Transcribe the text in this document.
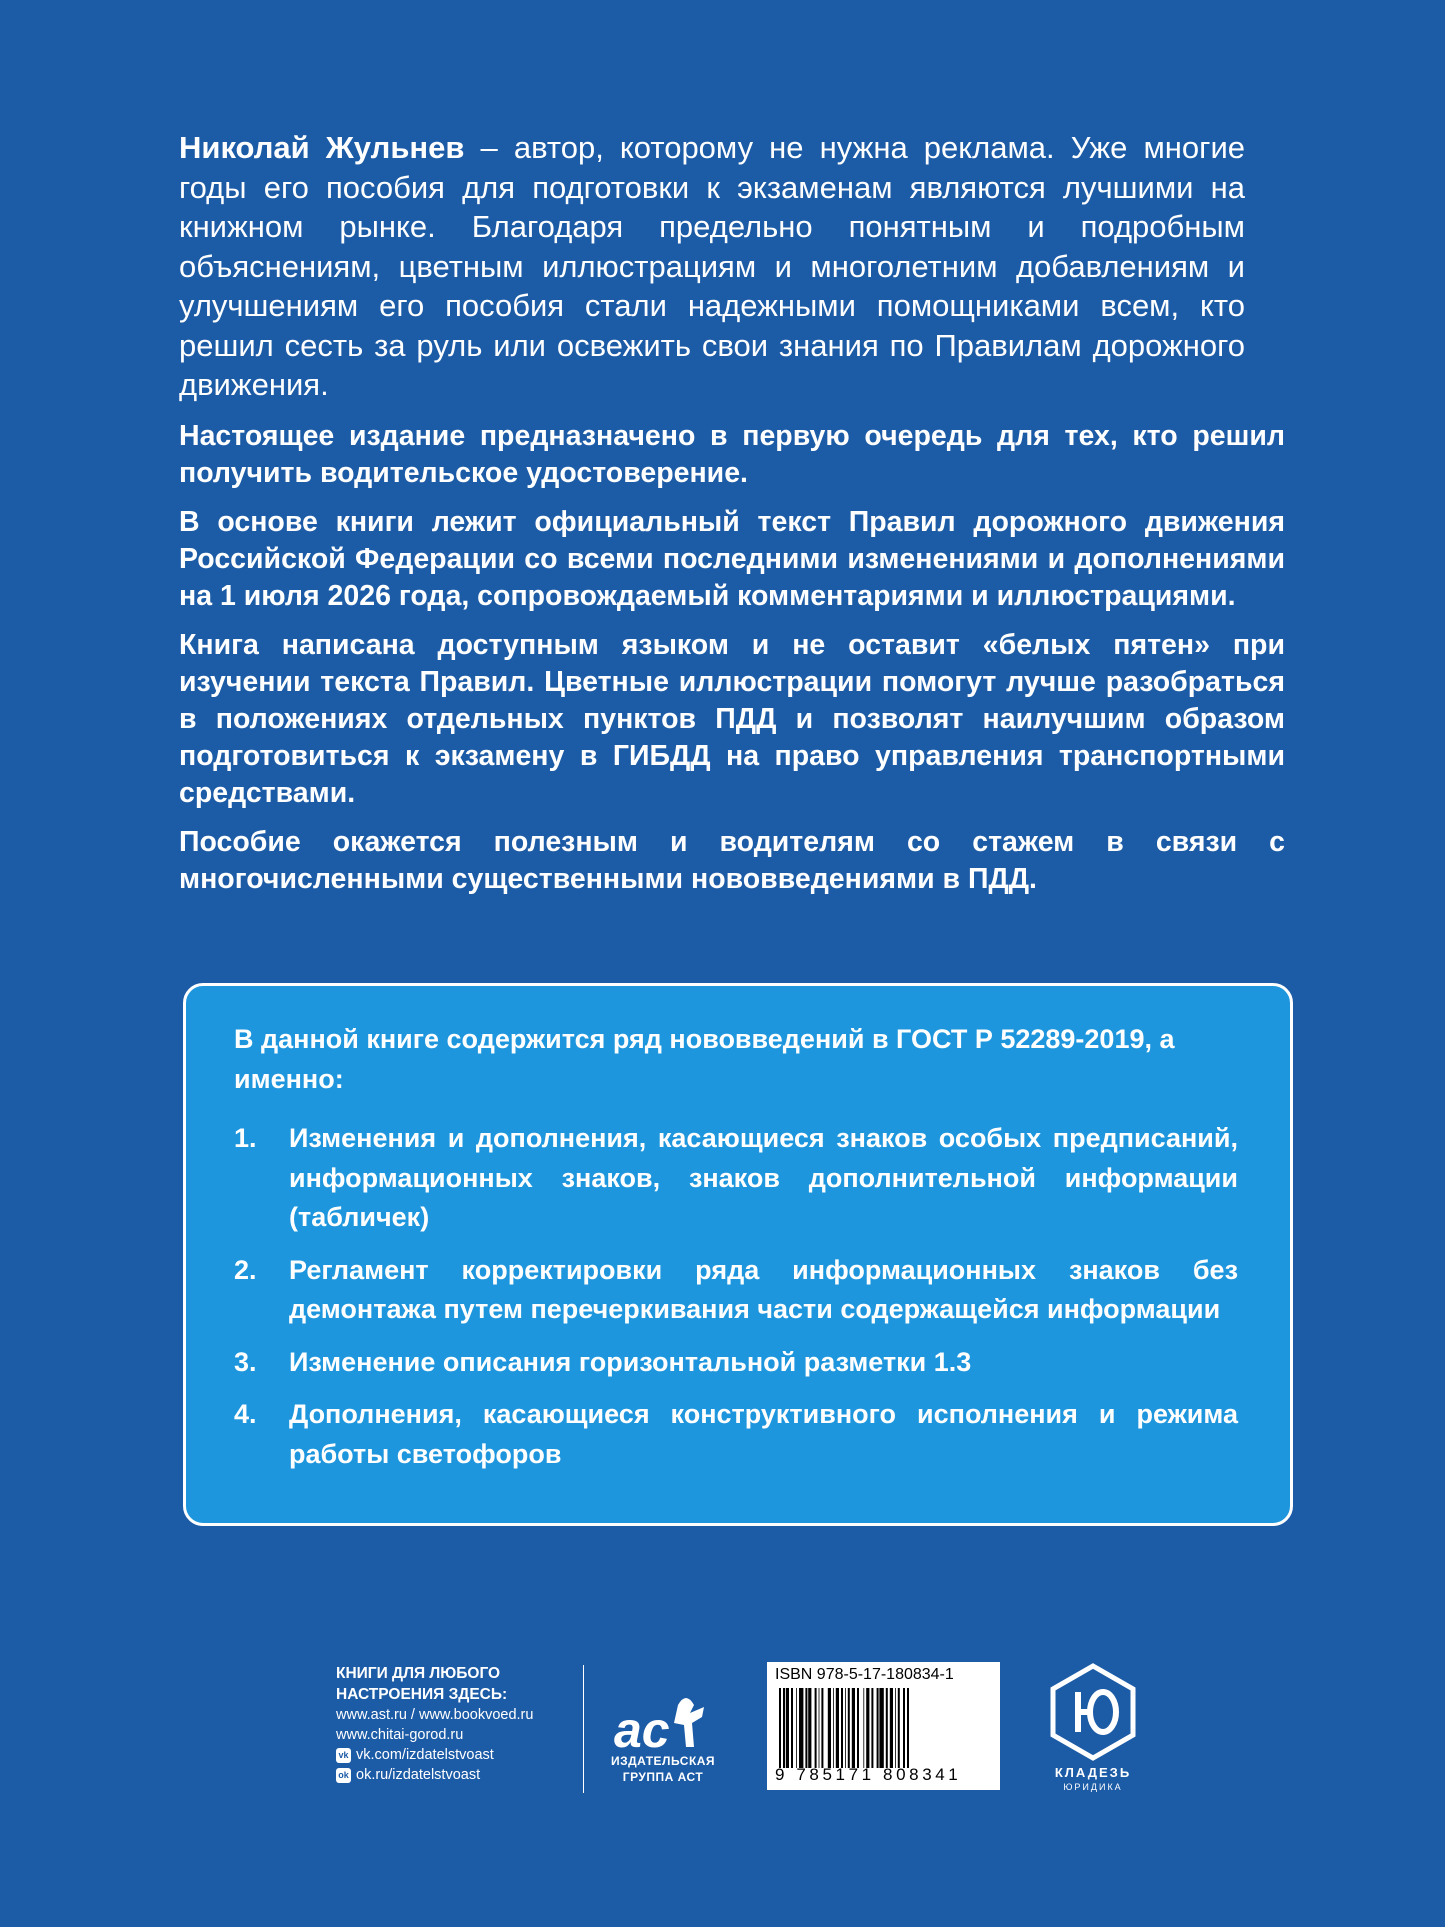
Николай Жульнев – автор, которому не нужна реклама. Уже многие годы его пособия для подготовки к экзаменам являются лучшими на книжном рынке. Благодаря предельно понятным и подробным объяснениям, цветным иллюстрациям и многолетним добавлениям и улучшениям его пособия стали надежными помощниками всем, кто решил сесть за руль или освежить свои знания по Правилам дорожного движения.

Настоящее издание предназначено в первую очередь для тех, кто решил получить водительское удостоверение.

В основе книги лежит официальный текст Правил дорожного движения Российской Федерации со всеми последними изменениями и дополнениями на 1 июля 2026 года, сопровождаемый комментариями и иллюстрациями.

Книга написана доступным языком и не оставит «белых пятен» при изучении текста Правил. Цветные иллюстрации помогут лучше разобраться в положениях отдельных пунктов ПДД и позволят наилучшим образом подготовиться к экзамену в ГИБДД на право управления транспортными средствами.

Пособие окажется полезным и водителям со стажем в связи с многочисленными существенными нововведениями в ПДД.

В данной книге содержится ряд нововведений в ГОСТ Р 52289-2019, а именно:
1.	Изменения и дополнения, касающиеся знаков особых предписаний, информационных знаков, знаков дополнительной информации (табличек)
2.	Регламент корректировки ряда информационных знаков без демонтажа путем перечеркивания части содержащейся информации
3.	Изменение описания горизонтальной разметки 1.3
4.	Дополнения, касающиеся конструктивного исполнения и режима работы светофоров
КНИГИ ДЛЯ ЛЮБОГО
НАСТРОЕНИЯ ЗДЕСЬ:
www.ast.ru / www.bookvoed.ru
www.chitai-gorod.ru
vk vk.com/izdatelstvoast
ok ok.ru/izdatelstvoast
ac
ИЗДАТЕЛЬСКАЯ
ГРУППА АСТ
ISBN 978-5-17-180834-1
9 785171 808341	КЛАДЕЗЬ
ЮРИДИКА
